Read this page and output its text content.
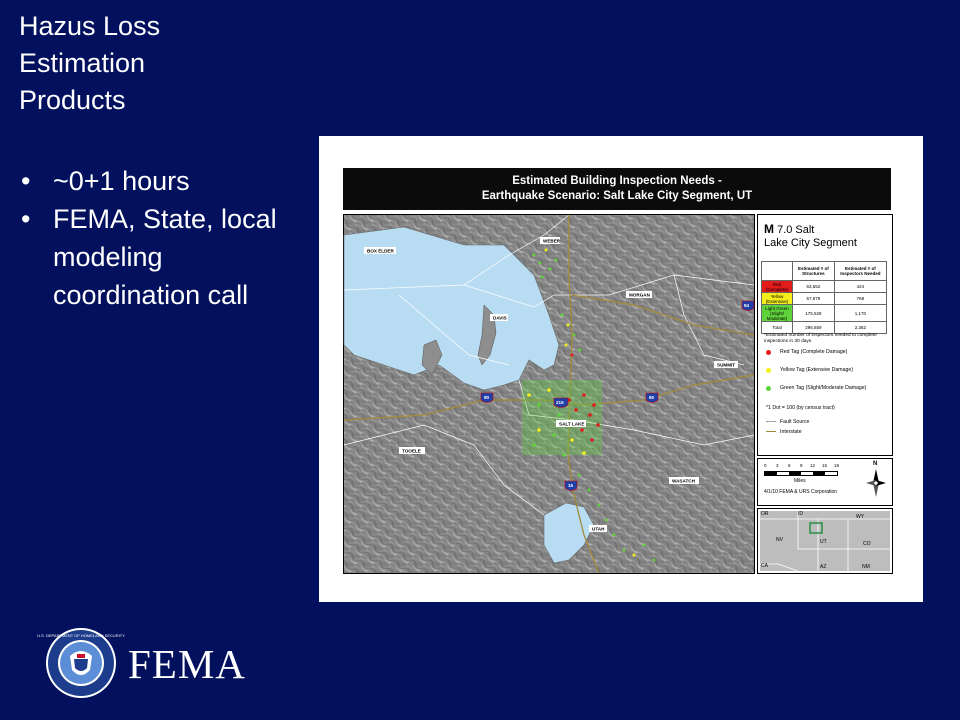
Hazus Loss
Estimation
Products
• ~0+1 hours
• FEMA, State, local modeling coordination call
Estimated Building Inspection Needs -
Earthquake Scenario: Salt Lake City Segment, UT
BOX ELDER
WEBER
MORGAN
DAVIS
SUMMIT
SALT LAKE
TOOELE
WASATCH
UTAH
80	80
215
15
84
M 7.0 Salt
Lake City Segment
	Estimated # of Structures	Estimated # of Inspectors Needed
Red (Complete)	63,552	424
Yellow (Extensive)	57,579	768
Light Green (Slight/ Moderate)	175,528	1,170
Total	296,659	2,362
*Estimated number of inspectors needed to complete inspections in 30 days.
Red Tag (Complete Damage)
Yellow Tag (Extensive Damage)
Green Tag (Slight/Moderate Damage)
*1 Dot = 100 (by census tract)
Fault Source
Interstate
0 3 6 9 12 15 18
Miles
4/1/10 FEMA & URS Corporation
N
OR	ID	WY
NV	UT	CO
CA	AZ	NM
U.S. DEPARTMENT OF HOMELAND SECURITY
FEMA
